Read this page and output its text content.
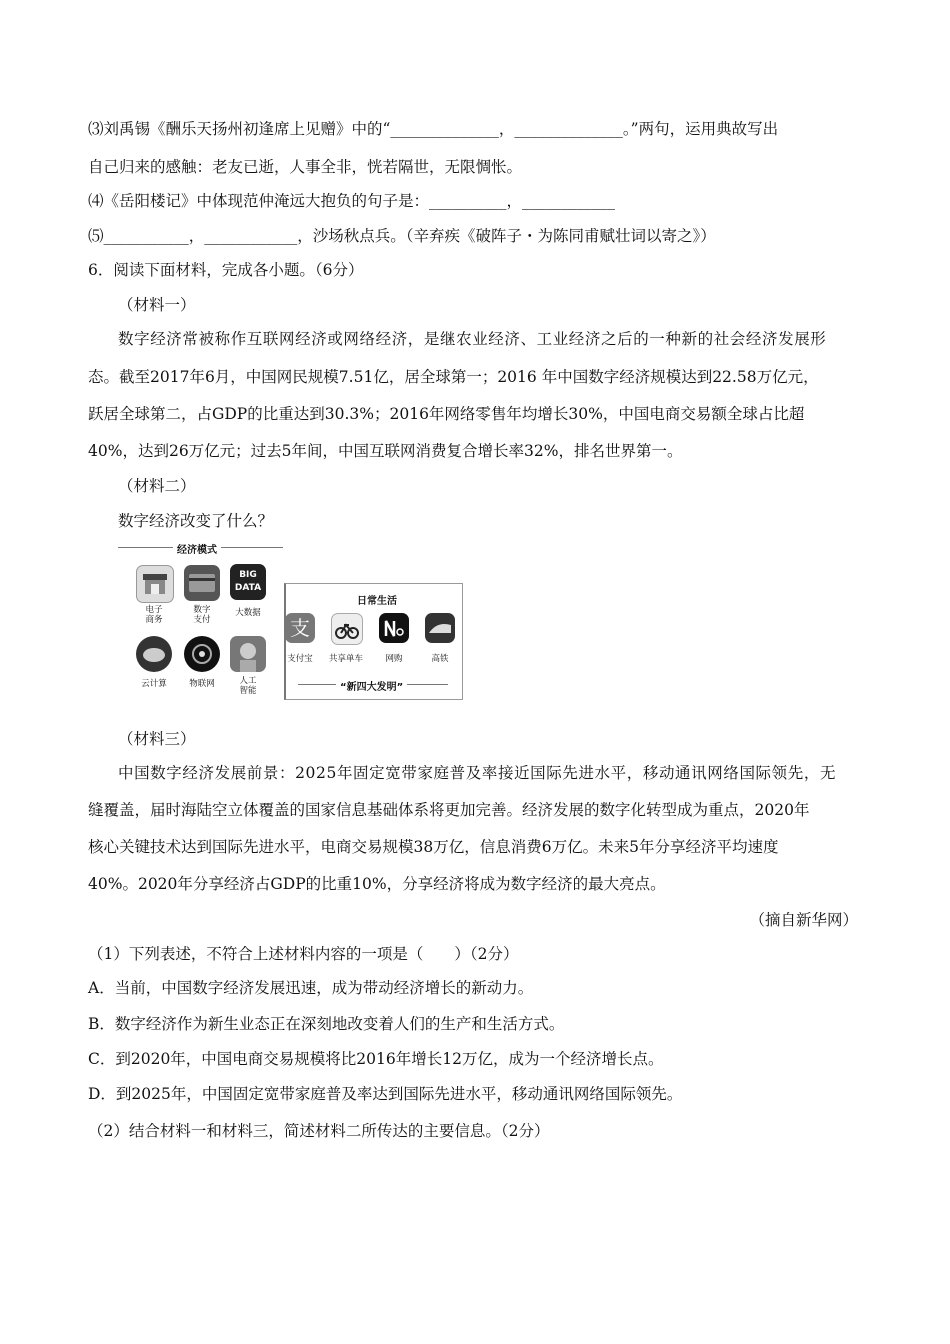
⑶刘禹锡《酬乐天扬州初逢席上见赠》中的“______________，______________。”两句，运用典故写出
自己归来的感触：老友已逝，人事全非，恍若隔世，无限惆怅。
⑷《岳阳楼记》中体现范仲淹远大抱负的句子是：__________，____________
⑸___________，____________，沙场秋点兵。（辛弃疾《破阵子・为陈同甫赋壮词以寄之》）
6．阅读下面材料，完成各小题。（6分）
（材料一）
数字经济常被称作互联网经济或网络经济，是继农业经济、工业经济之后的一种新的社会经济发展形
态。截至2017年6月，中国网民规模7.51亿，居全球第一；2016 年中国数字经济规模达到22.58万亿元，
跃居全球第二，占GDP的比重达到30.3%；2016年网络零售年均增长30%，中国电商交易额全球占比超
40%，达到26万亿元；过去5年间，中国互联网消费复合增长率32%，排名世界第一。
（材料二）
数字经济改变了什么？
经济模式
BIG DATA
电子
商务
数字
支付
大数据
云计算	物联网	人工
智能
日常生活
支
支付宝	共享单车	网购	高铁
“新四大发明”
（材料三）
中国数字经济发展前景：2025年固定宽带家庭普及率接近国际先进水平，移动通讯网络国际领先，无
缝覆盖，届时海陆空立体覆盖的国家信息基础体系将更加完善。经济发展的数字化转型成为重点，2020年
核心关键技术达到国际先进水平，电商交易规模38万亿，信息消费6万亿。未来5年分享经济平均速度
40%。2020年分享经济占GDP的比重10%，分享经济将成为数字经济的最大亮点。
（摘自新华网）
（1）下列表述，不符合上述材料内容的一项是（　　）（2分）
A．当前，中国数字经济发展迅速，成为带动经济增长的新动力。
B．数字经济作为新生业态正在深刻地改变着人们的生产和生活方式。
C．到2020年，中国电商交易规模将比2016年增长12万亿，成为一个经济增长点。
D．到2025年，中国固定宽带家庭普及率达到国际先进水平，移动通讯网络国际领先。
（2）结合材料一和材料三，简述材料二所传达的主要信息。（2分）
